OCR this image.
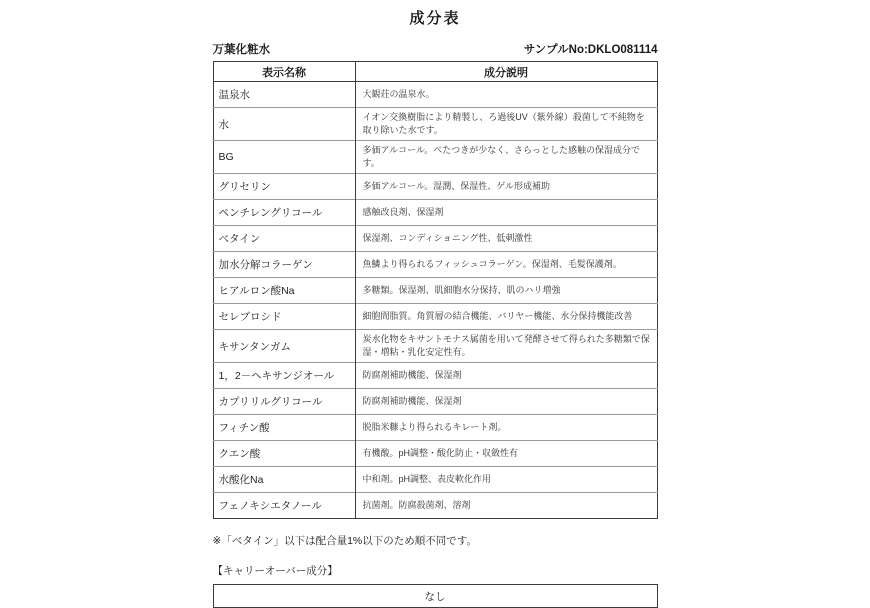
成分表
万葉化粧水	サンプルNo:DKLO081114
表示名称	成分説明
温泉水	大観荘の温泉水。
水	イオン交換樹脂により精製し、ろ過後UV（紫外線）殺菌して不純物を取り除いた水です。
BG	多価アルコール。べたつきが少なく、さらっとした感触の保湿成分です。
グリセリン	多価アルコール。湿潤、保湿性、ゲル形成補助
ペンチレングリコール	感触改良剤、保湿剤
ベタイン	保湿剤、コンディショニング性、低刺激性
加水分解コラーゲン	魚鱗より得られるフィッシュコラーゲン。保湿剤、毛髪保護剤。
ヒアルロン酸Na	多糖類。保湿剤、肌細胞水分保持、肌のハリ増強
セレブロシド	細胞間脂質。角質層の結合機能、バリヤー機能、水分保持機能改善
キサンタンガム	炭水化物をキサントモナス属菌を用いて発酵させて得られた多糖類で保湿・増粘・乳化安定性有。
1，2－ヘキサンジオール	防腐剤補助機能、保湿剤
カプリリルグリコール	防腐剤補助機能、保湿剤
フィチン酸	脱脂米糠より得られるキレート剤。
クエン酸	有機酸。pH調整・酸化防止・収斂性有
水酸化Na	中和剤。pH調整、表皮軟化作用
フェノキシエタノール	抗菌剤。防腐殺菌剤、溶剤
※「ベタイン」以下は配合量1%以下のため順不同です。
【キャリーオーバー成分】
なし
